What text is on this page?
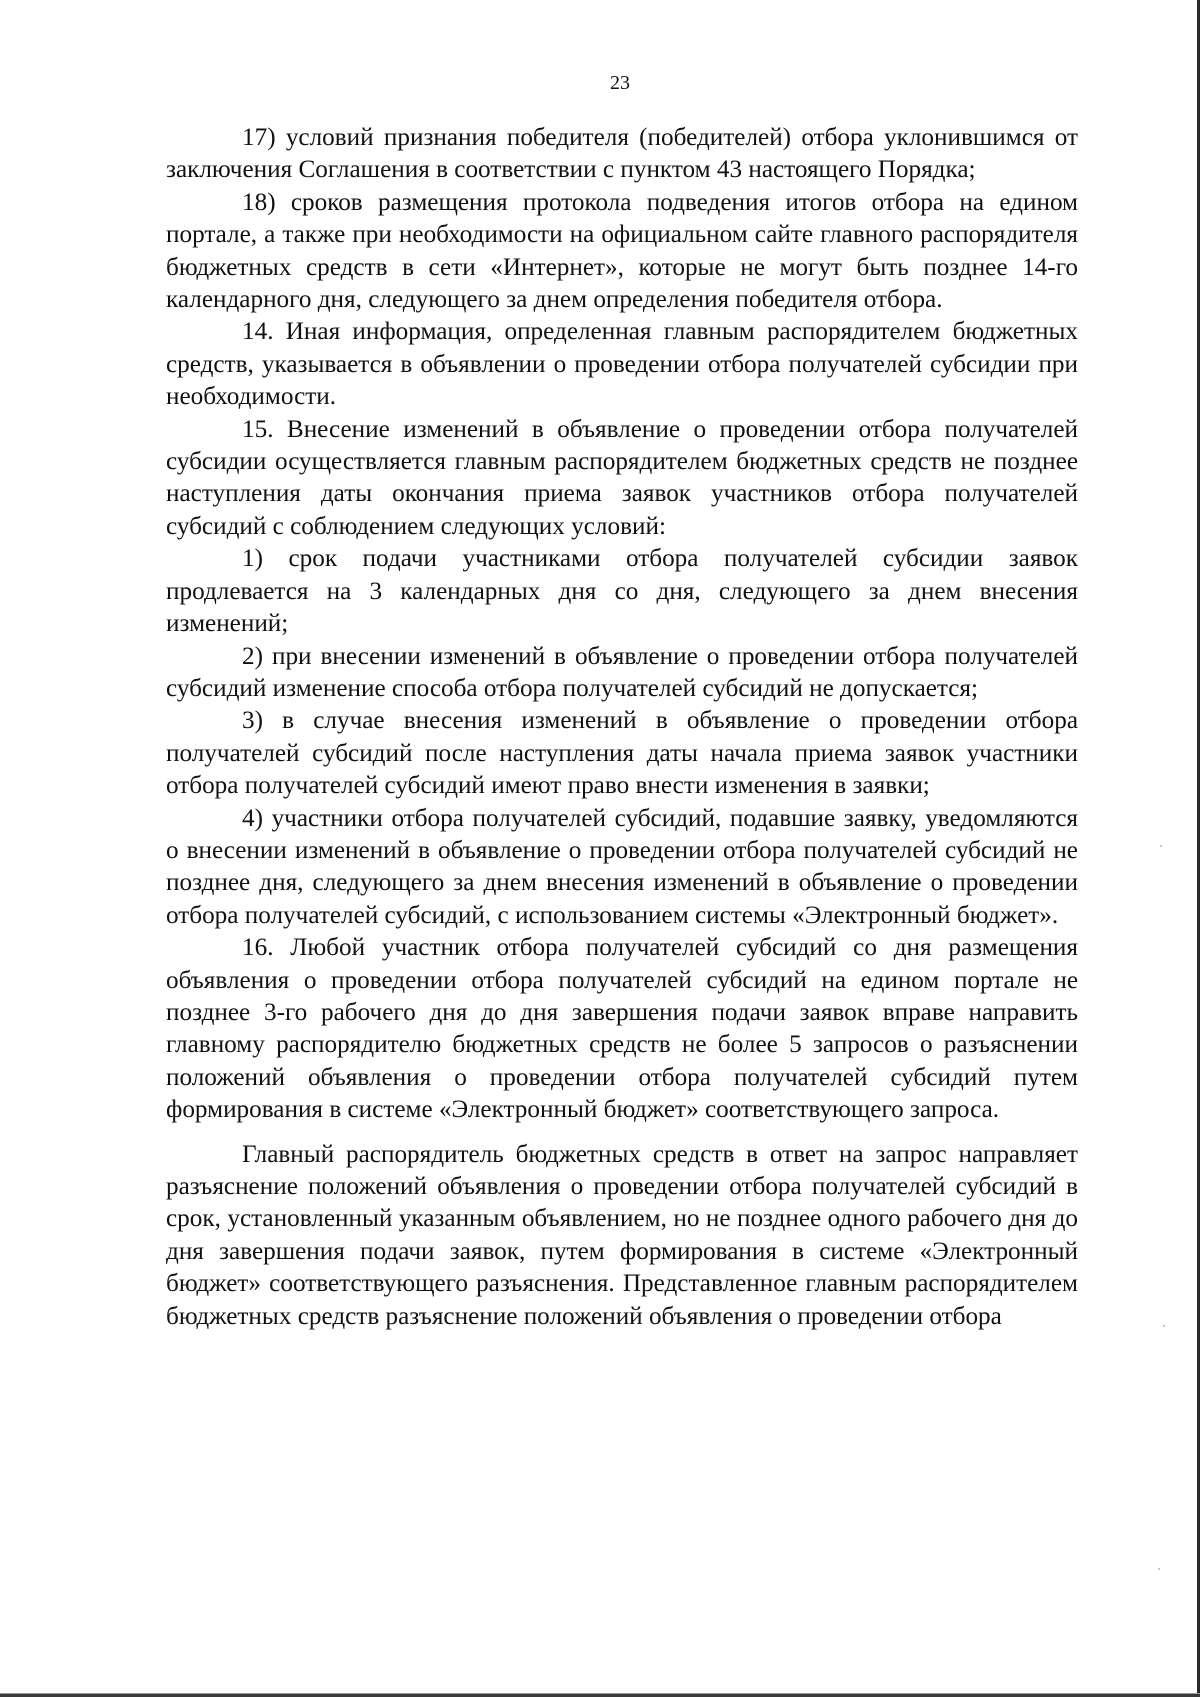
23

17) условий признания победителя (победителей) отбора уклонившимся от заключения Соглашения в соответствии с пунктом 43 настоящего Порядка;

18) сроков размещения протокола подведения итогов отбора на едином портале, а также при необходимости на официальном сайте главного распорядителя бюджетных средств в сети «Интернет», которые не могут быть позднее 14-го календарного дня, следующего за днем определения победителя отбора.

14. Иная информация, определенная главным распорядителем бюджетных средств, указывается в объявлении о проведении отбора получателей субсидии при необходимости.

15. Внесение изменений в объявление о проведении отбора получателей субсидии осуществляется главным распорядителем бюджетных средств не позднее наступления даты окончания приема заявок участников отбора получателей субсидий с соблюдением следующих условий:

1) срок подачи участниками отбора получателей субсидии заявок продлевается на 3 календарных дня со дня, следующего за днем внесения изменений;

2) при внесении изменений в объявление о проведении отбора получателей субсидий изменение способа отбора получателей субсидий не допускается;

3) в случае внесения изменений в объявление о проведении отбора получателей субсидий после наступления даты начала приема заявок участники отбора получателей субсидий имеют право внести изменения в заявки;

4) участники отбора получателей субсидий, подавшие заявку, уведомляются о внесении изменений в объявление о проведении отбора получателей субсидий не позднее дня, следующего за днем внесения изменений в объявление о проведении отбора получателей субсидий, с использованием системы «Электронный бюджет».

16. Любой участник отбора получателей субсидий со дня размещения объявления о проведении отбора получателей субсидий на едином портале не позднее 3-го рабочего дня до дня завершения подачи заявок вправе направить главному распорядителю бюджетных средств не более 5 запросов о разъяснении положений объявления о проведении отбора получателей субсидий путем формирования в системе «Электронный бюджет» соответствующего запроса.

Главный распорядитель бюджетных средств в ответ на запрос направляет разъяснение положений объявления о проведении отбора получателей субсидий в срок, установленный указанным объявлением, но не позднее одного рабочего дня до дня завершения подачи заявок, путем формирования в системе «Электронный бюджет» соответствующего разъяснения. Представленное главным распорядителем бюджетных средств разъяснение положений объявления о проведении отбора
